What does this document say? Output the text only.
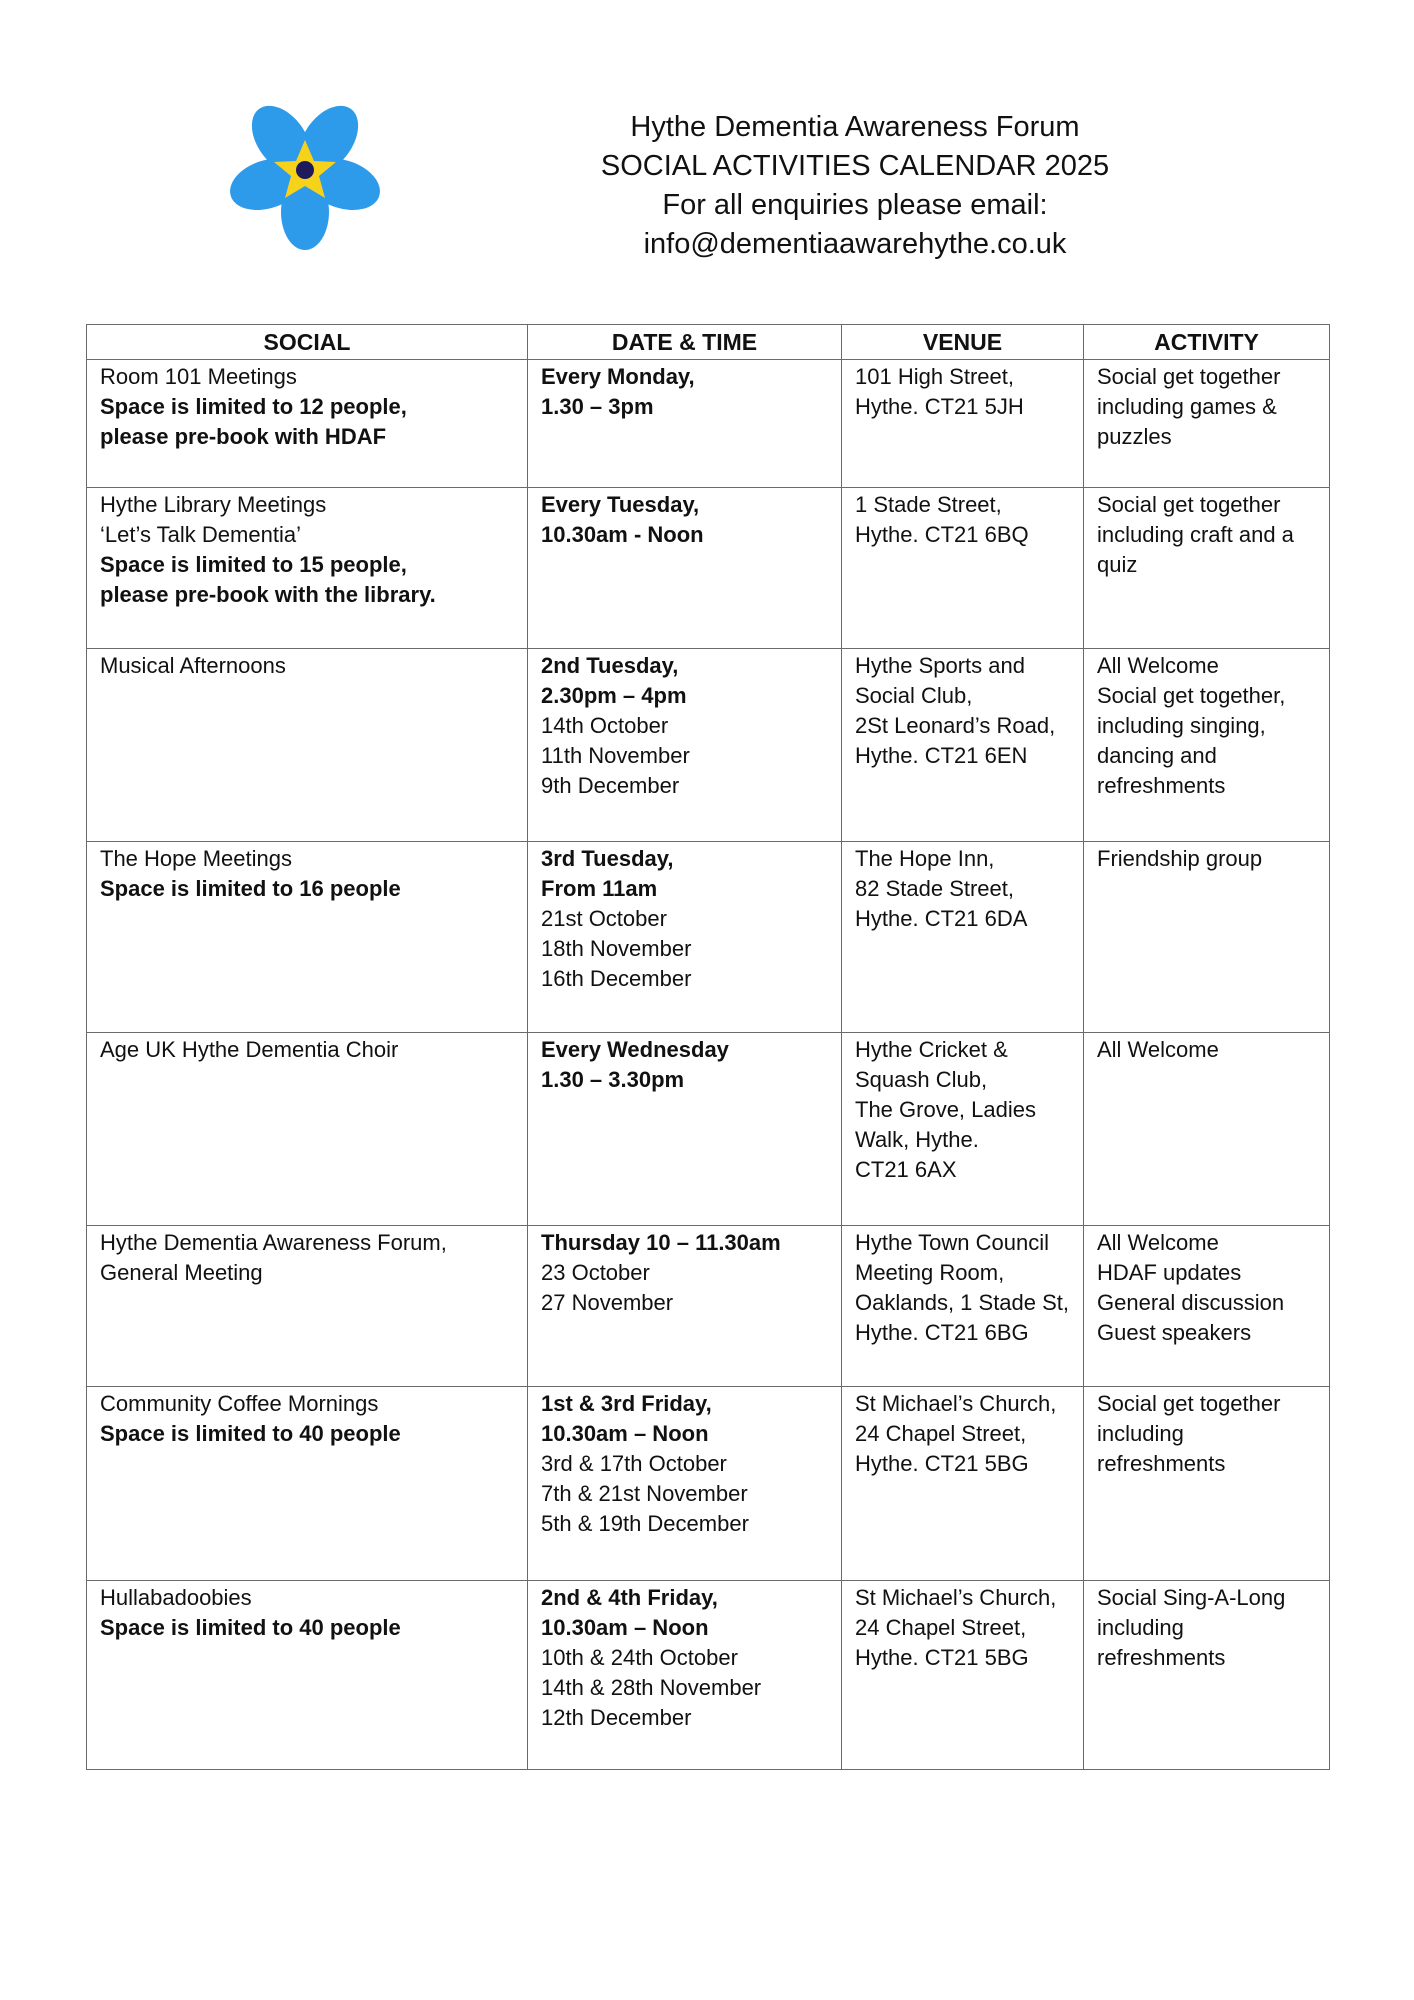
Hythe Dementia Awareness Forum
SOCIAL ACTIVITIES CALENDAR 2025
For all enquiries please email:
info@dementiaawarehythe.co.uk
SOCIAL	DATE & TIME	VENUE	ACTIVITY

Room 101 Meetings
Space is limited to 12 people,
please pre-book with HDAF	Every Monday,
1.30 – 3pm	101 High Street,
Hythe. CT21 5JH	Social get together
including games &
puzzles

Hythe Library Meetings
‘Let’s Talk Dementia’
Space is limited to 15 people,
please pre-book with the library.	Every Tuesday,
10.30am - Noon	1 Stade Street,
Hythe. CT21 6BQ	Social get together
including craft and a
quiz

Musical Afternoons	2nd Tuesday,
2.30pm – 4pm
14th October
11th November
9th December	Hythe Sports and
Social Club,
2St Leonard’s Road,
Hythe. CT21 6EN	All Welcome
Social get together,
including singing,
dancing and
refreshments

The Hope Meetings
Space is limited to 16 people	3rd Tuesday,
From 11am
21st October
18th November
16th December	The Hope Inn,
82 Stade Street,
Hythe. CT21 6DA	Friendship group

Age UK Hythe Dementia Choir	Every Wednesday
1.30 – 3.30pm	Hythe Cricket &
Squash Club,
The Grove, Ladies
Walk, Hythe.
CT21 6AX	All Welcome

Hythe Dementia Awareness Forum,
General Meeting	Thursday 10 – 11.30am
23 October
27 November	Hythe Town Council
Meeting Room,
Oaklands, 1 Stade St,
Hythe. CT21 6BG	All Welcome
HDAF updates
General discussion
Guest speakers

Community Coffee Mornings
Space is limited to 40 people	1st & 3rd Friday,
10.30am – Noon
3rd & 17th October
7th & 21st November
5th & 19th December	St Michael’s Church,
24 Chapel Street,
Hythe. CT21 5BG	Social get together
including
refreshments

Hullabadoobies
Space is limited to 40 people	2nd & 4th Friday,
10.30am – Noon
10th & 24th October
14th & 28th November
12th December	St Michael’s Church,
24 Chapel Street,
Hythe. CT21 5BG	Social Sing-A-Long
including
refreshments
